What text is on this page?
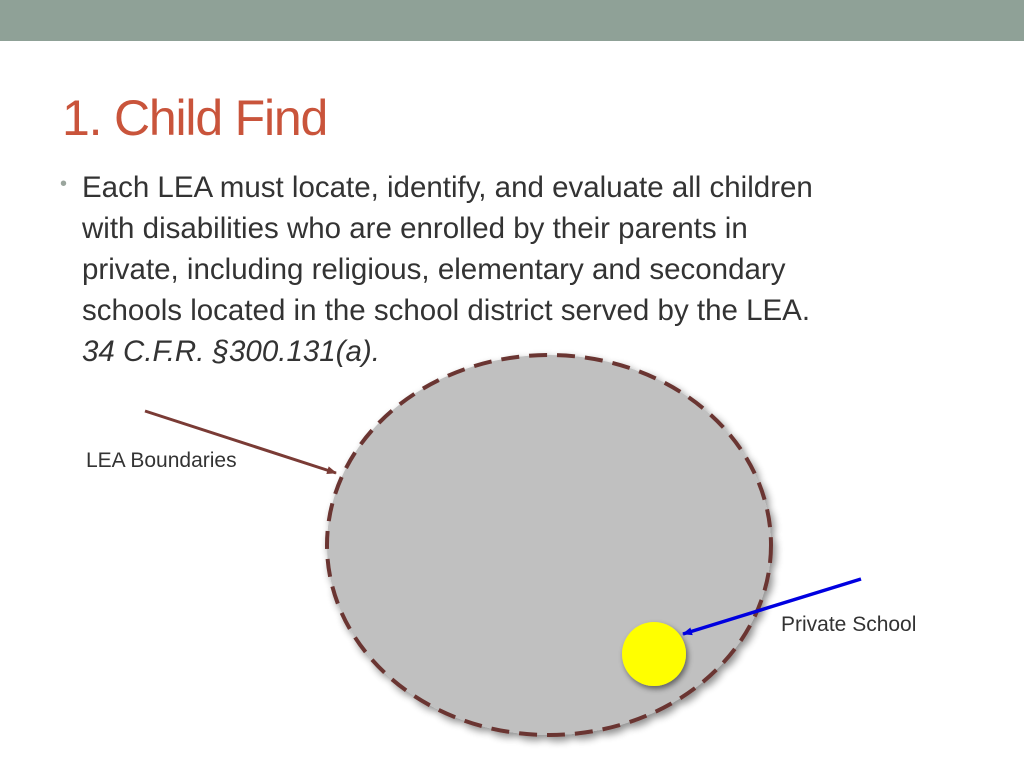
1. Child Find
• Each LEA must locate, identify, and evaluate all children
with disabilities who are enrolled by their parents in
private, including religious, elementary and secondary
schools located in the school district served by the LEA.
34 C.F.R. §300.131(a).

LEA Boundaries
Private School
